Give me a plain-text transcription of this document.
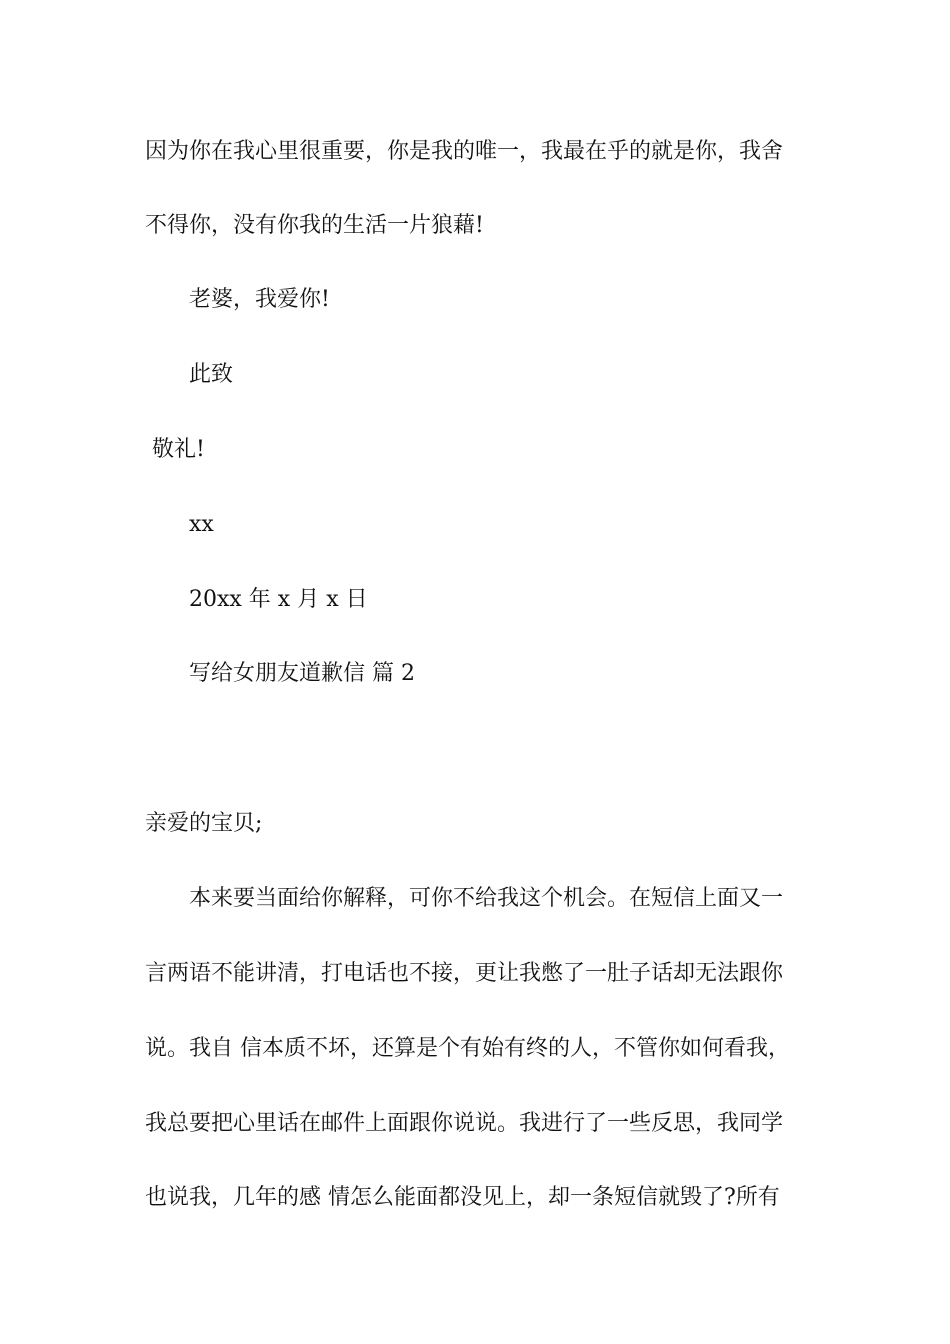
因为你在我心里很重要，你是我的唯一，我最在乎的就是你，我舍
不得你，没有你我的生活一片狼藉!
老婆，我爱你!
此致
敬礼!
xx
20xx 年 x 月 x 日
写给女朋友道歉信 篇 2
亲爱的宝贝;
本来要当面给你解释，可你不给我这个机会。在短信上面又一
言两语不能讲清，打电话也不接，更让我憋了一肚子话却无法跟你
说。我自 信本质不坏，还算是个有始有终的人，不管你如何看我，
我总要把心里话在邮件上面跟你说说。我进行了一些反思，我同学
也说我，几年的感 情怎么能面都没见上，却一条短信就毁了?所有
